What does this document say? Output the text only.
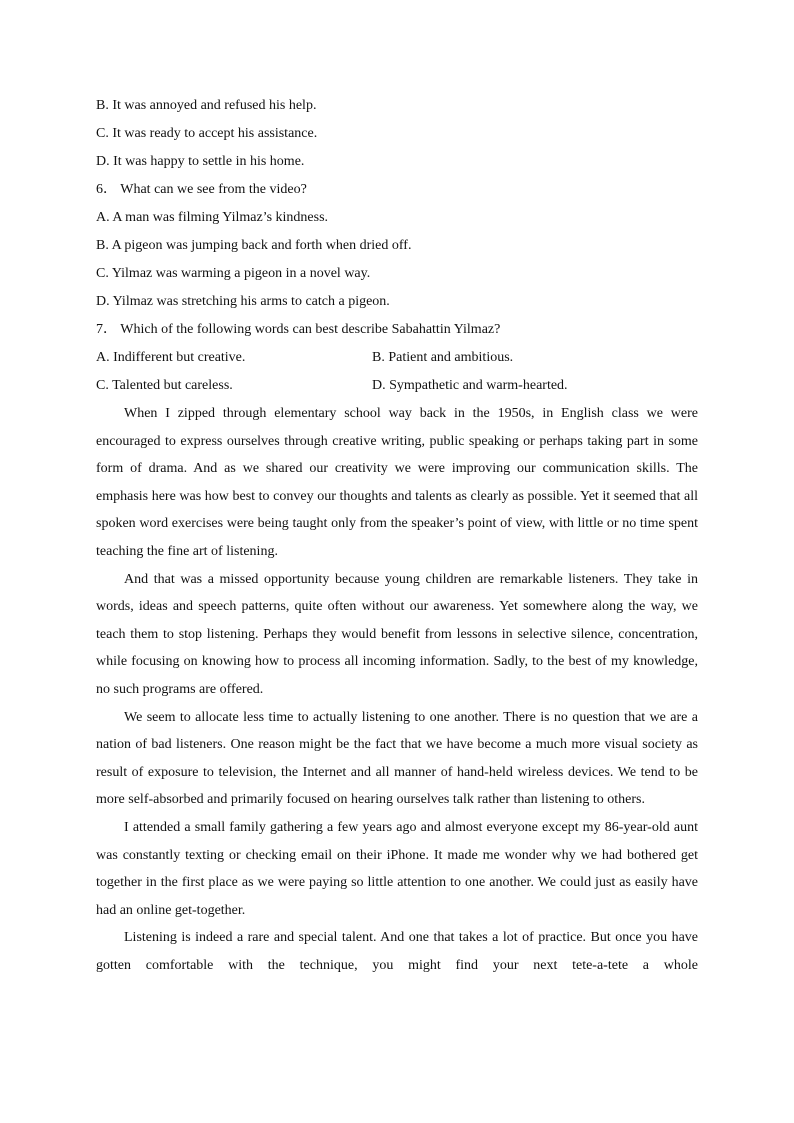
B. It was annoyed and refused his help.
C. It was ready to accept his assistance.
D. It was happy to settle in his home.
6． What can we see from the video?
A. A man was filming Yilmaz’s kindness.
B. A pigeon was jumping back and forth when dried off.
C. Yilmaz was warming a pigeon in a novel way.
D. Yilmaz was stretching his arms to catch a pigeon.
7． Which of the following words can best describe Sabahattin Yilmaz?
A. Indifferent but creative.	B. Patient and ambitious.
C. Talented but careless.	D. Sympathetic and warm-hearted.

When I zipped through elementary school way back in the 1950s, in English class we were encouraged to express ourselves through creative writing, public speaking or perhaps taking part in some form of drama. And as we shared our creativity we were improving our communication skills. The emphasis here was how best to convey our thoughts and talents as clearly as possible. Yet it seemed that all spoken word exercises were being taught only from the speaker’s point of view, with little or no time spent teaching the fine art of listening.

And that was a missed opportunity because young children are remarkable listeners. They take in words, ideas and speech patterns, quite often without our awareness. Yet somewhere along the way, we teach them to stop listening. Perhaps they would benefit from lessons in selective silence, concentration, while focusing on knowing how to process all incoming information. Sadly, to the best of my knowledge, no such programs are offered.

We seem to allocate less time to actually listening to one another. There is no question that we are a nation of bad listeners. One reason might be the fact that we have become a much more visual society as result of exposure to television, the Internet and all manner of hand-held wireless devices. We tend to be more self-absorbed and primarily focused on hearing ourselves talk rather than listening to others.

I attended a small family gathering a few years ago and almost everyone except my 86-year-old aunt was constantly texting or checking email on their iPhone. It made me wonder why we had bothered get together in the first place as we were paying so little attention to one another. We could just as easily have had an online get-together.

Listening is indeed a rare and special talent. And one that takes a lot of practice. But once you have gotten comfortable with the technique, you might find your next tete-a-tete a whole
